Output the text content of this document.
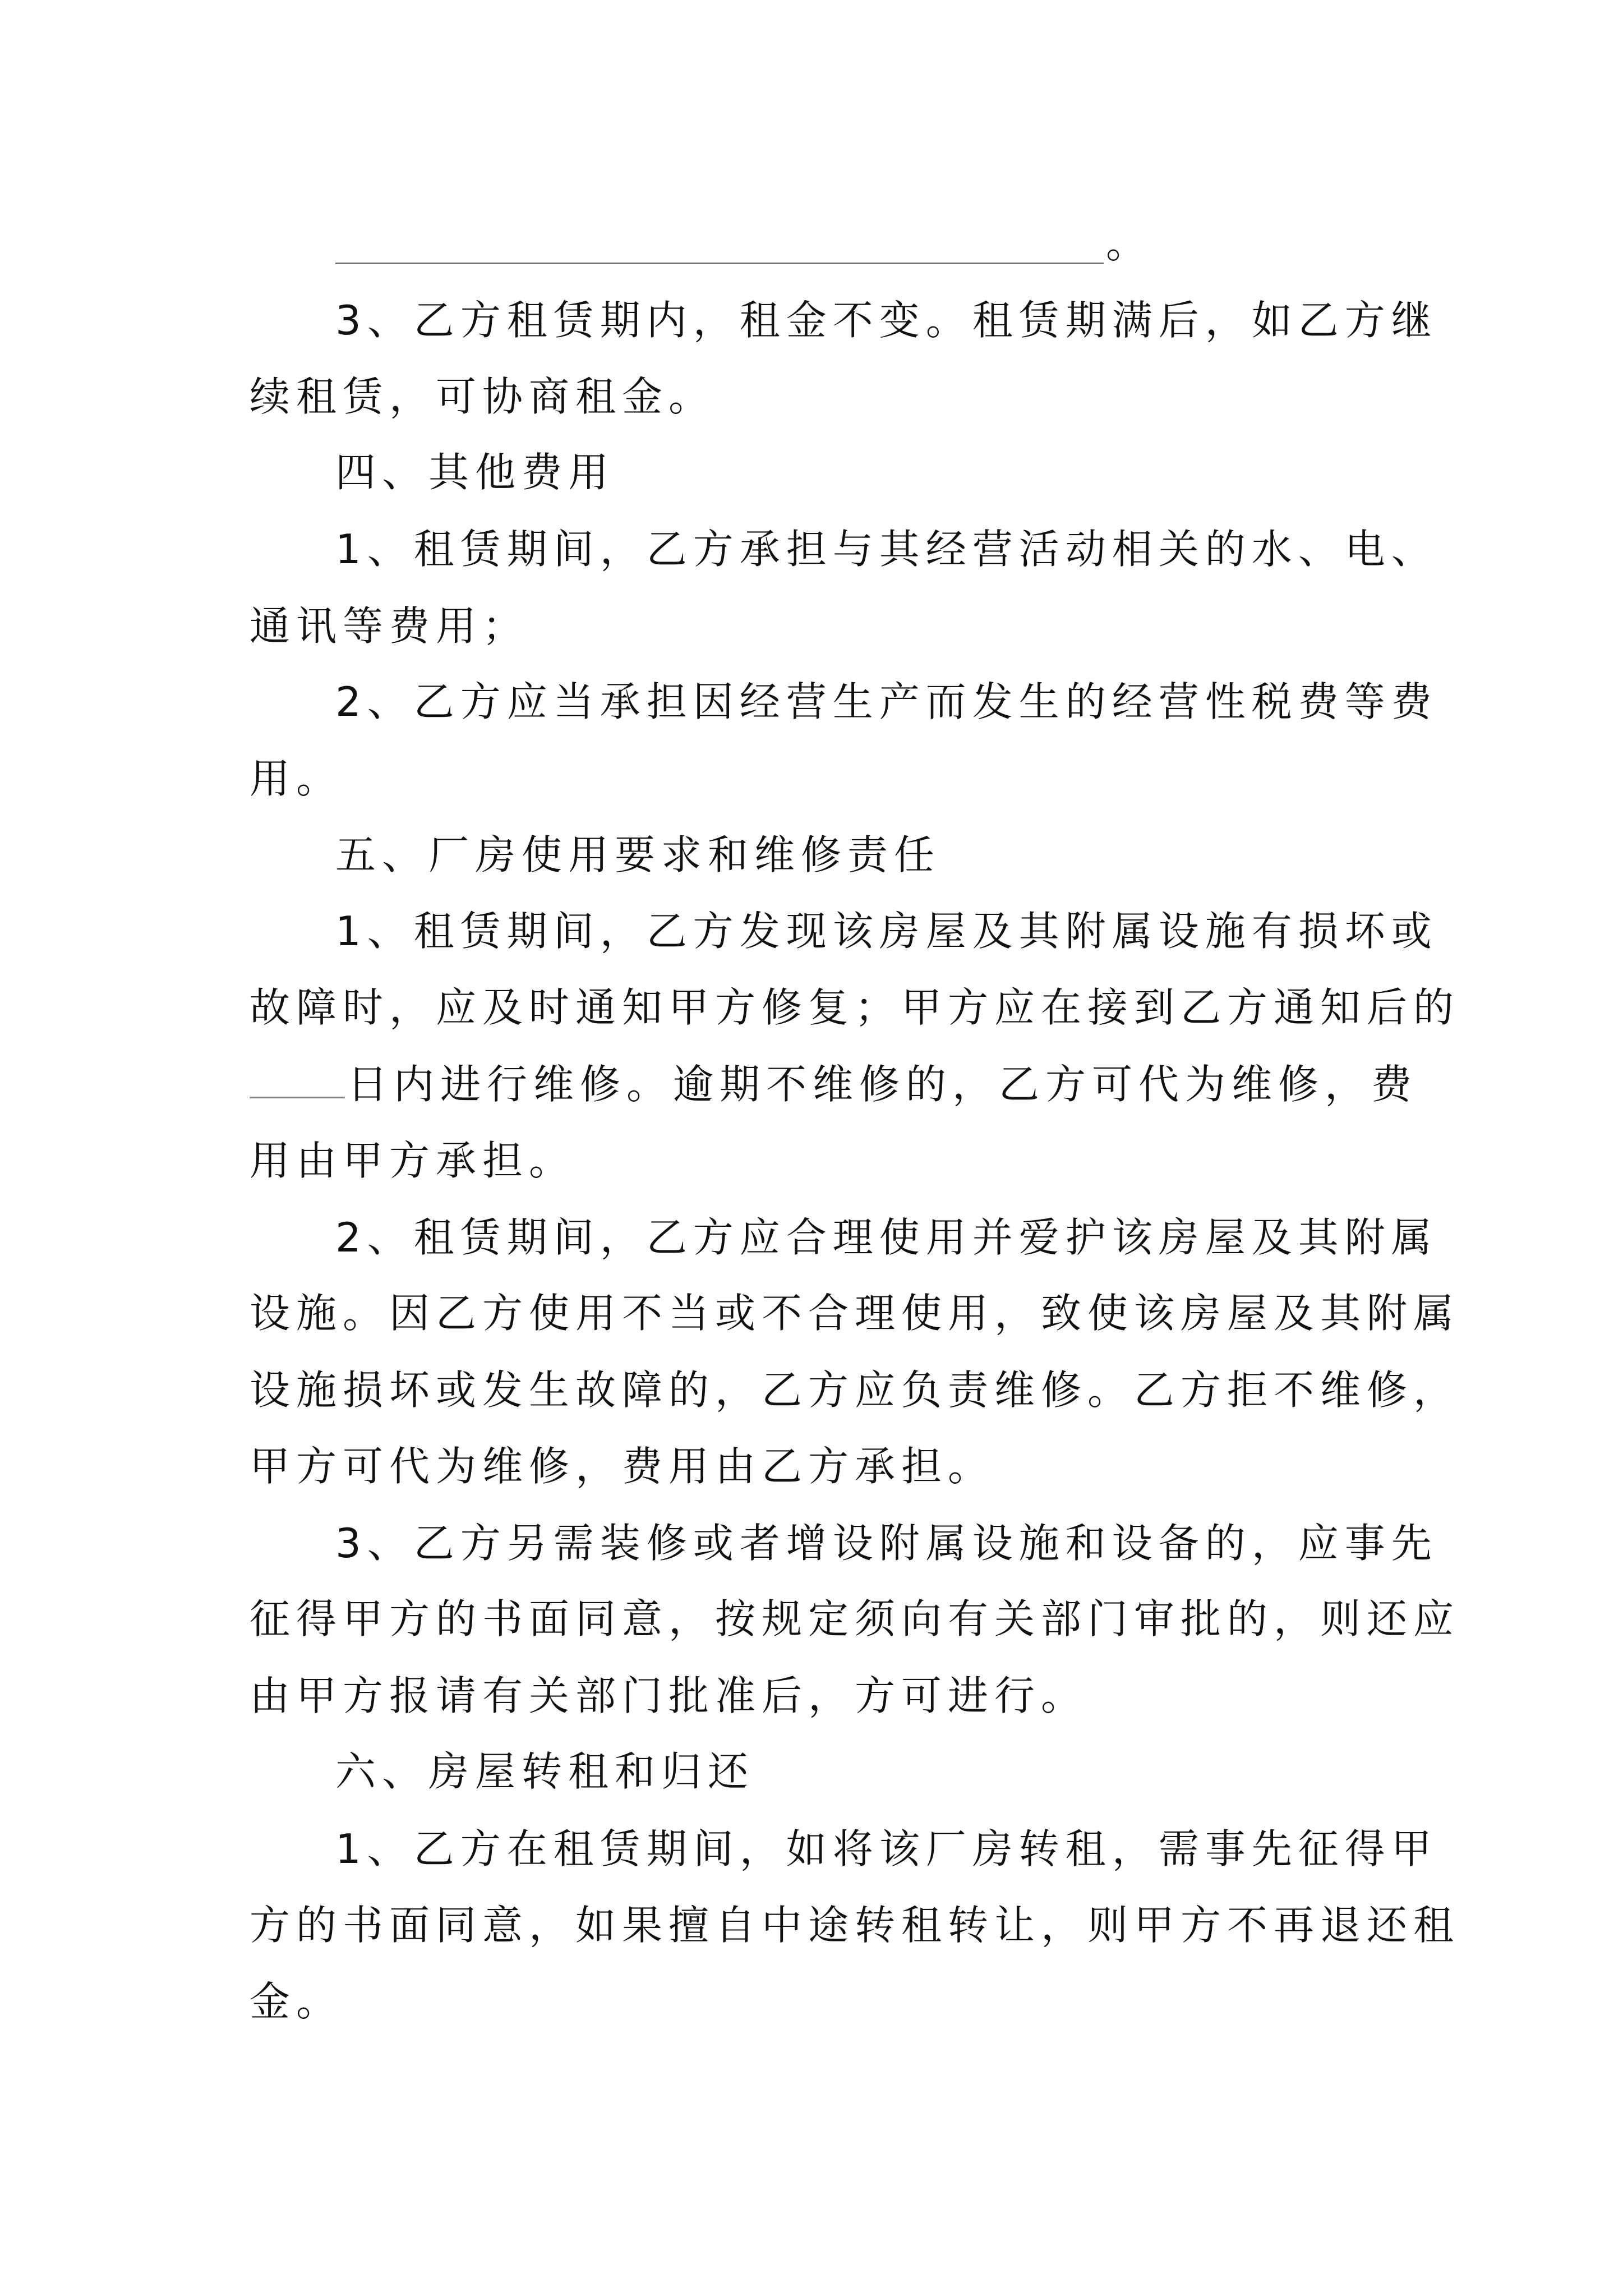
。
3、乙方租赁期内，租金不变。租赁期满后，如乙方继
续租赁，可协商租金。
四、其他费用
1、租赁期间，乙方承担与其经营活动相关的水、电、
通讯等费用；
2、乙方应当承担因经营生产而发生的经营性税费等费
用。
五、厂房使用要求和维修责任
1、租赁期间，乙方发现该房屋及其附属设施有损坏或
故障时，应及时通知甲方修复；甲方应在接到乙方通知后的
日内进行维修。逾期不维修的，乙方可代为维修，费
用由甲方承担。
2、租赁期间，乙方应合理使用并爱护该房屋及其附属
设施。因乙方使用不当或不合理使用，致使该房屋及其附属
设施损坏或发生故障的，乙方应负责维修。乙方拒不维修，
甲方可代为维修，费用由乙方承担。
3、乙方另需装修或者增设附属设施和设备的，应事先
征得甲方的书面同意，按规定须向有关部门审批的，则还应
由甲方报请有关部门批准后，方可进行。
六、房屋转租和归还
1、乙方在租赁期间，如将该厂房转租，需事先征得甲
方的书面同意，如果擅自中途转租转让，则甲方不再退还租
金。
